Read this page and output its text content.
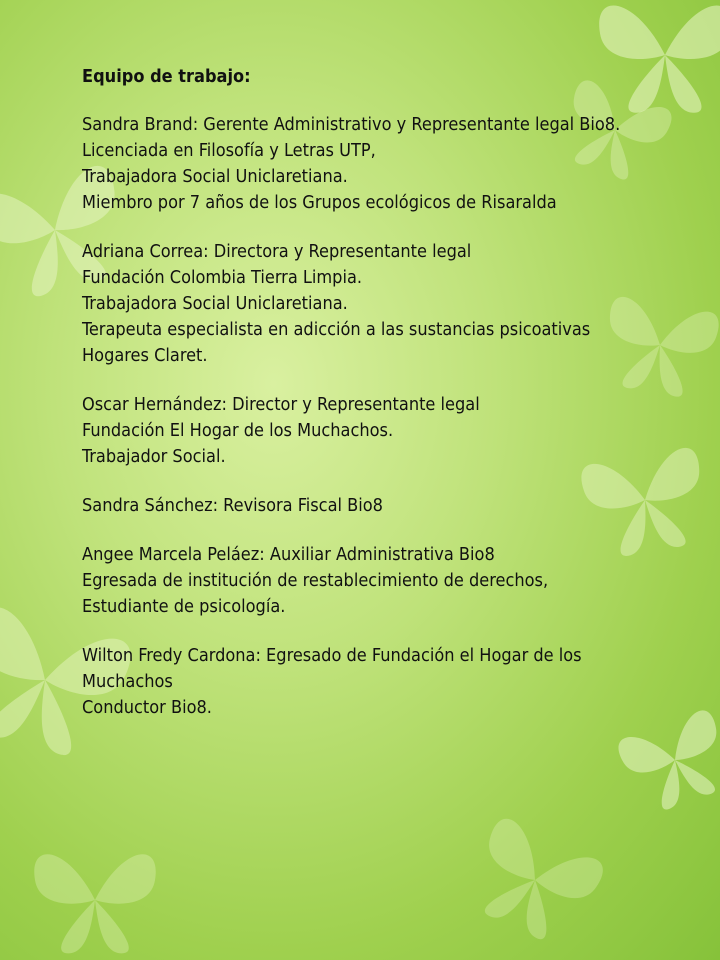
Equipo de trabajo:
Sandra Brand: Gerente Administrativo y Representante legal Bio8.
Licenciada en Filosofía y Letras UTP,
Trabajadora Social Uniclaretiana.
Miembro por 7 años de los Grupos ecológicos de Risaralda
Adriana Correa: Directora y Representante legal
Fundación Colombia Tierra Limpia.
Trabajadora Social Uniclaretiana.
Terapeuta especialista en adicción a las sustancias psicoativas
Hogares Claret.
Oscar Hernández: Director y Representante legal
Fundación El Hogar de los Muchachos.
Trabajador Social.
Sandra Sánchez: Revisora Fiscal Bio8
Angee Marcela Peláez: Auxiliar Administrativa Bio8
Egresada de institución de restablecimiento de derechos,
Estudiante de psicología.
Wilton Fredy Cardona: Egresado de Fundación el Hogar de los
Muchachos
Conductor Bio8.
